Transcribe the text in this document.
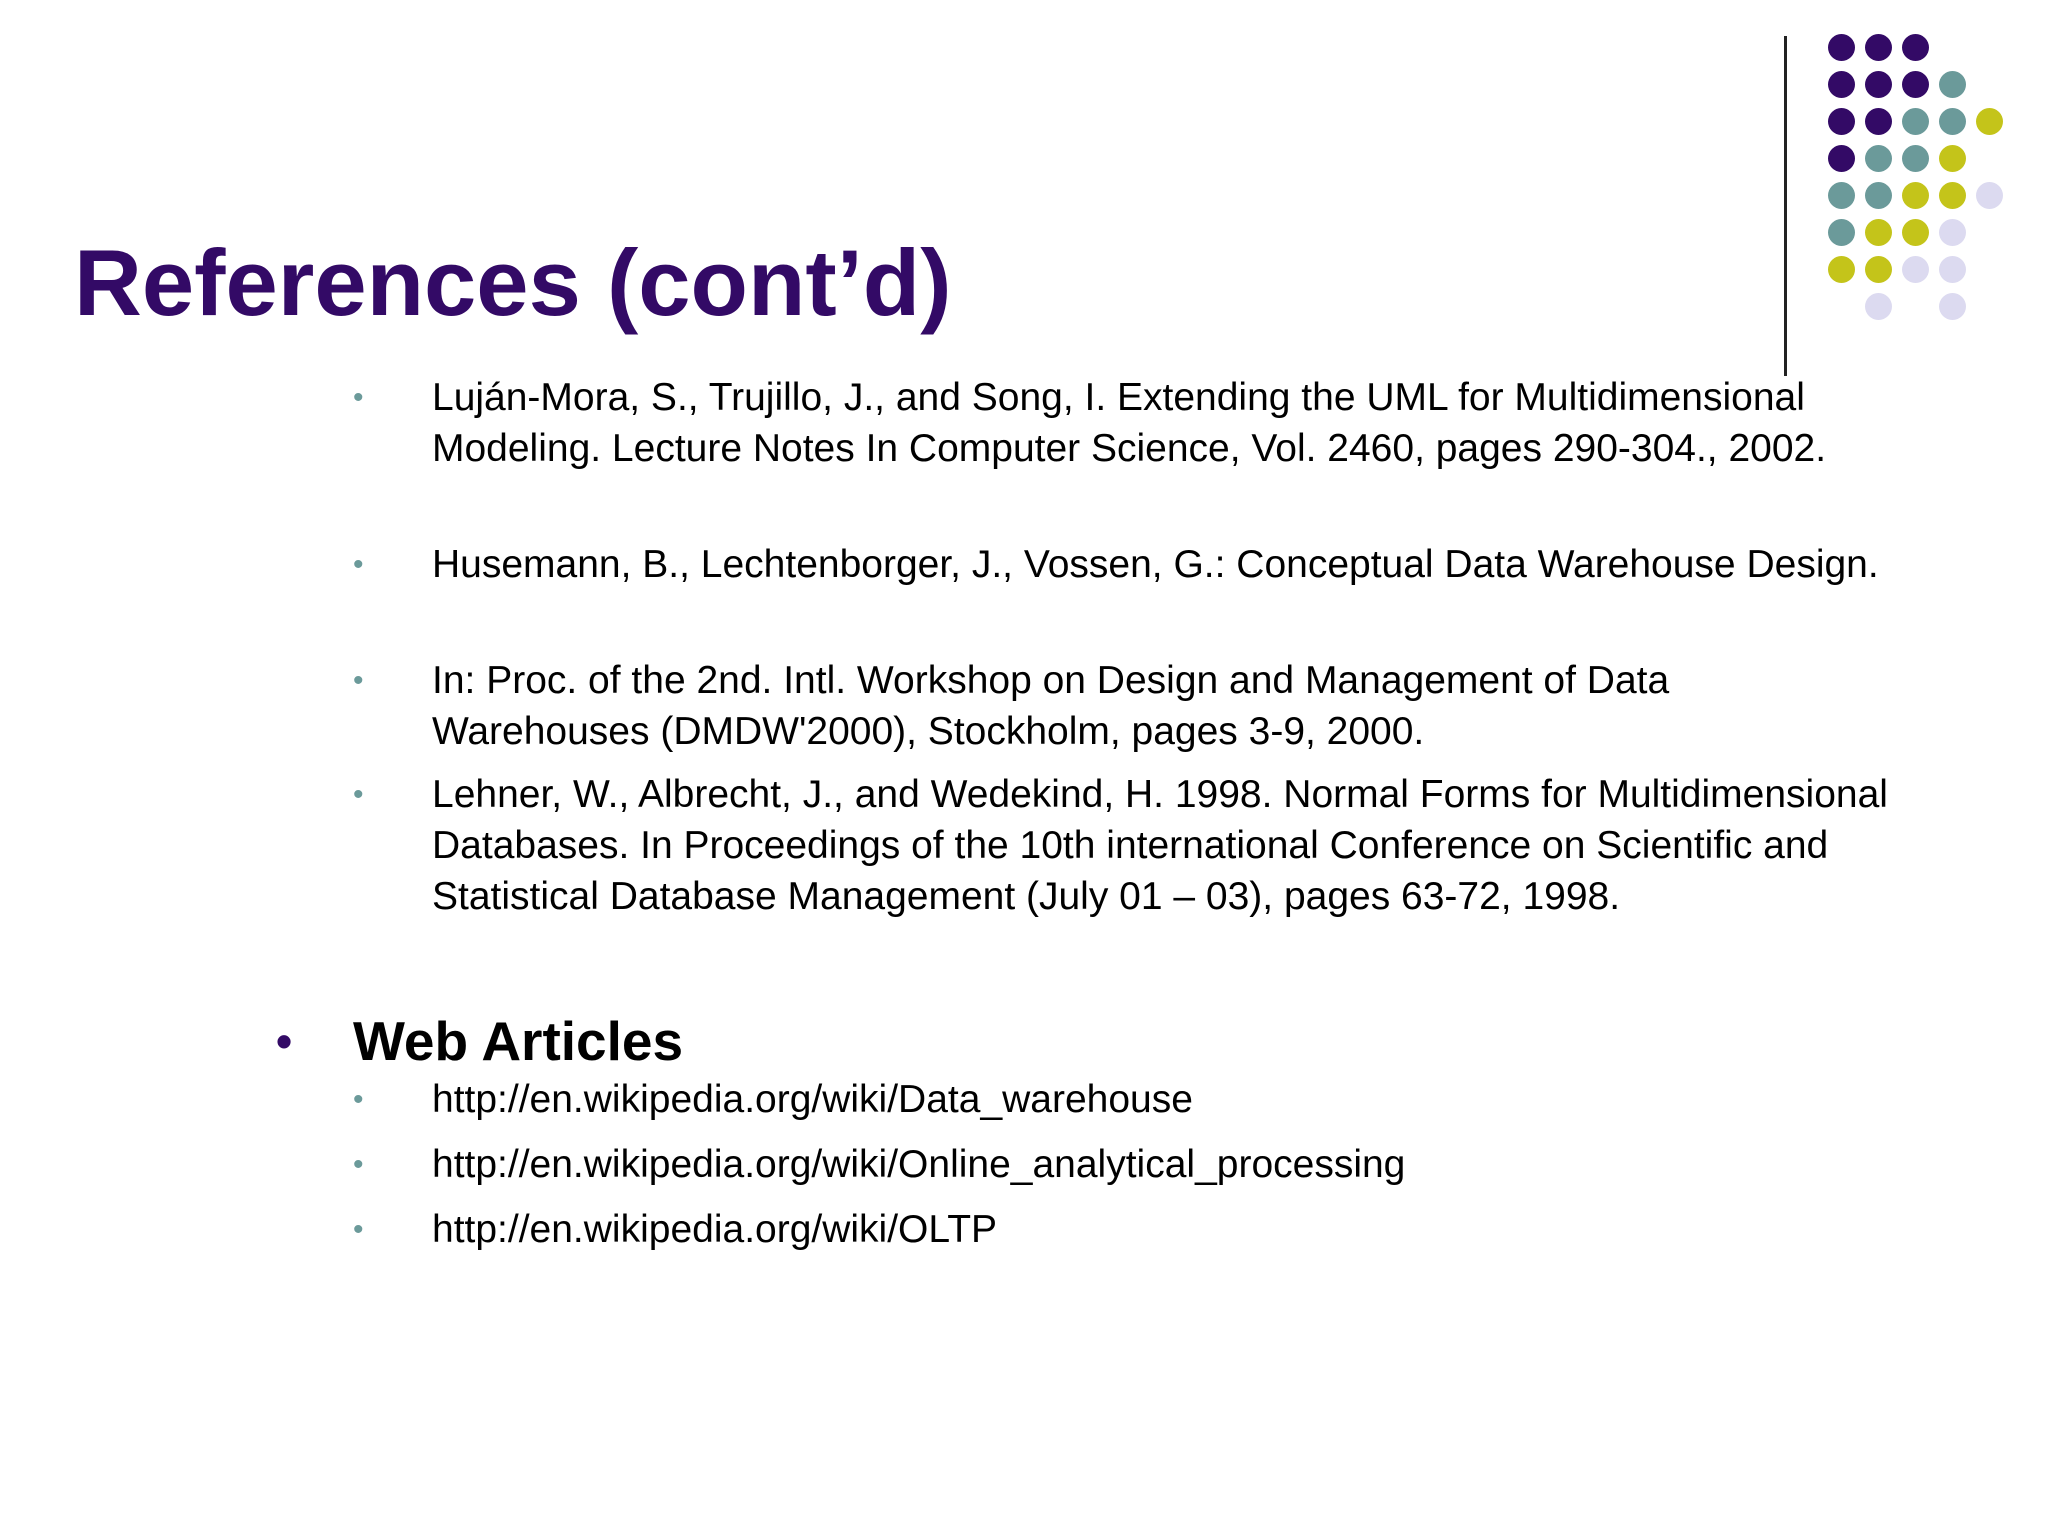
References (cont’d)
• Luján-Mora, S., Trujillo, J., and Song, I. Extending the UML for Multidimensional Modeling. Lecture Notes In Computer Science, Vol. 2460, pages 290-304., 2002.
• Husemann, B., Lechtenborger, J., Vossen, G.: Conceptual Data Warehouse Design.
• In: Proc. of the 2nd. Intl. Workshop on Design and Management of Data Warehouses (DMDW'2000), Stockholm, pages 3-9, 2000.
• Lehner, W., Albrecht, J., and Wedekind, H. 1998. Normal Forms for Multidimensional Databases. In Proceedings of the 10th international Conference on Scientific and Statistical Database Management (July 01 – 03), pages 63-72, 1998.
• Web Articles
• http://en.wikipedia.org/wiki/Data_warehouse
• http://en.wikipedia.org/wiki/Online_analytical_processing
• http://en.wikipedia.org/wiki/OLTP
